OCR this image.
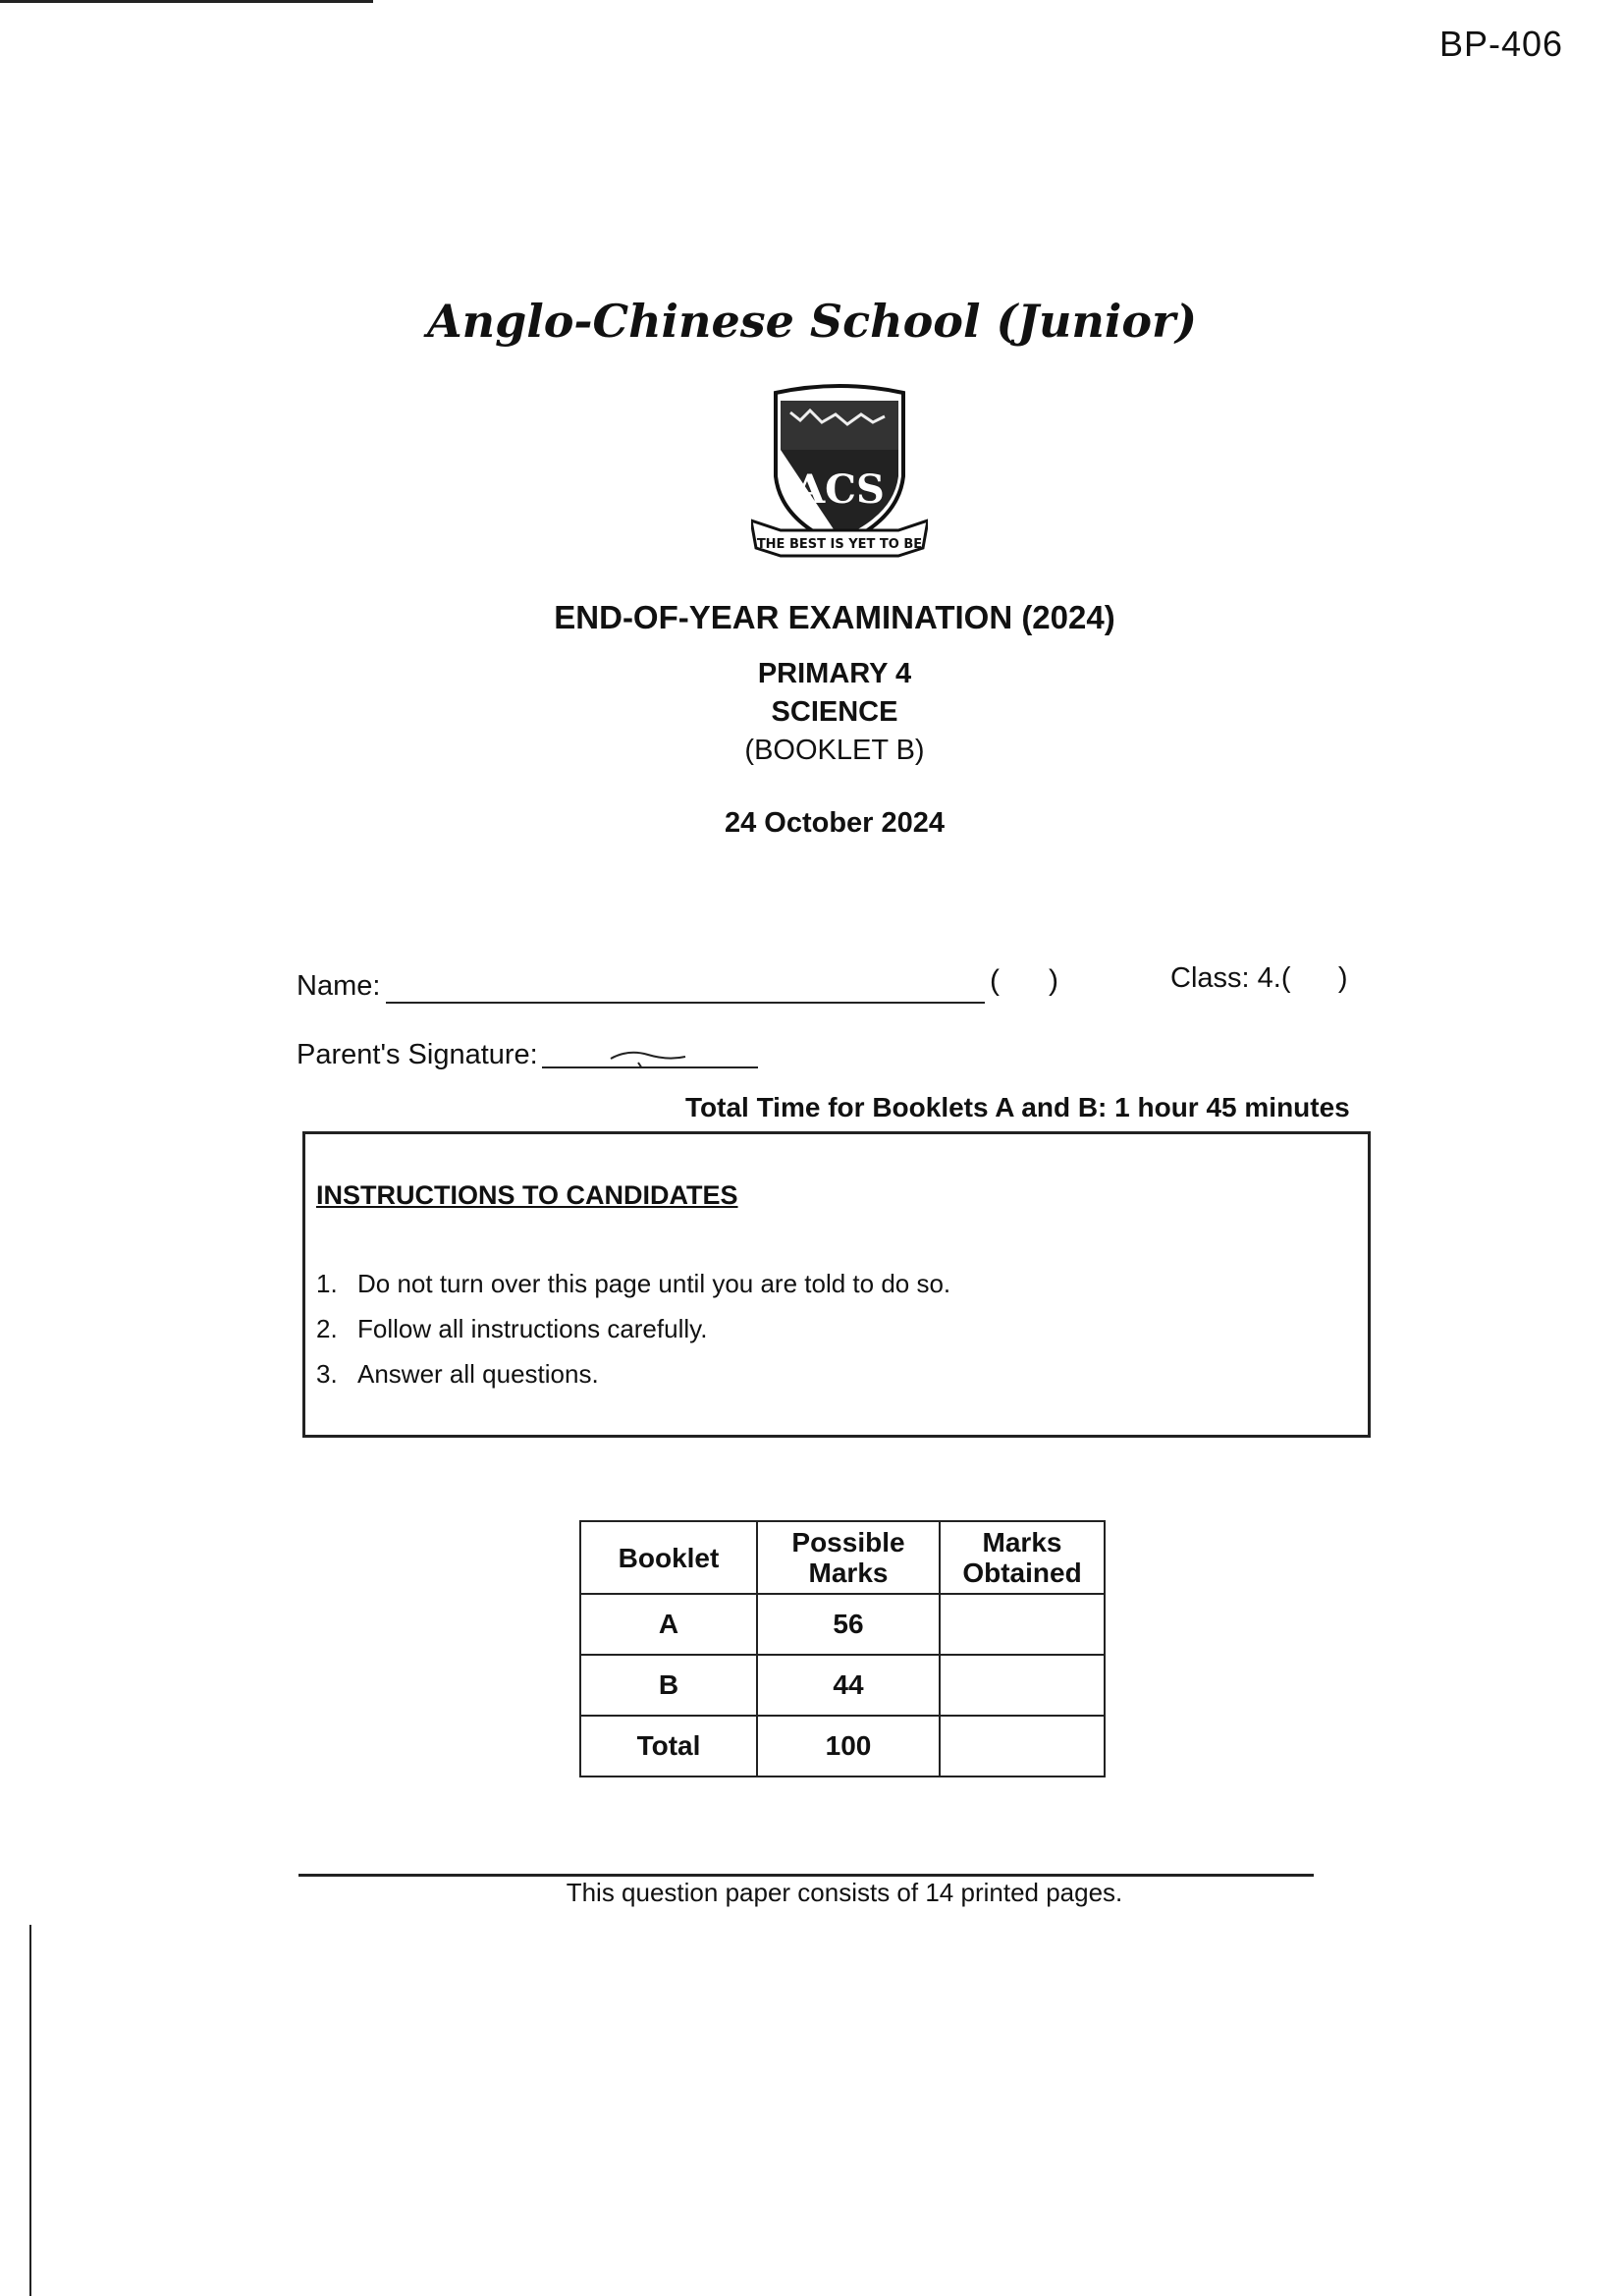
BP-406
Anglo-Chinese School (Junior)
ACS
THE BEST IS YET TO BE
END-OF-YEAR EXAMINATION (2024)
PRIMARY 4
SCIENCE
(BOOKLET B)
24 October 2024
Name:	(      )	Class: 4.(      )
Parent's Signature:
Total Time for Booklets A and B: 1 hour 45 minutes
INSTRUCTIONS TO CANDIDATES
1. Do not turn over this page until you are told to do so.
2. Follow all instructions carefully.
3. Answer all questions.
Booklet	Possible Marks	Marks Obtained
A	56	
B	44	
Total	100	
This question paper consists of 14 printed pages.
